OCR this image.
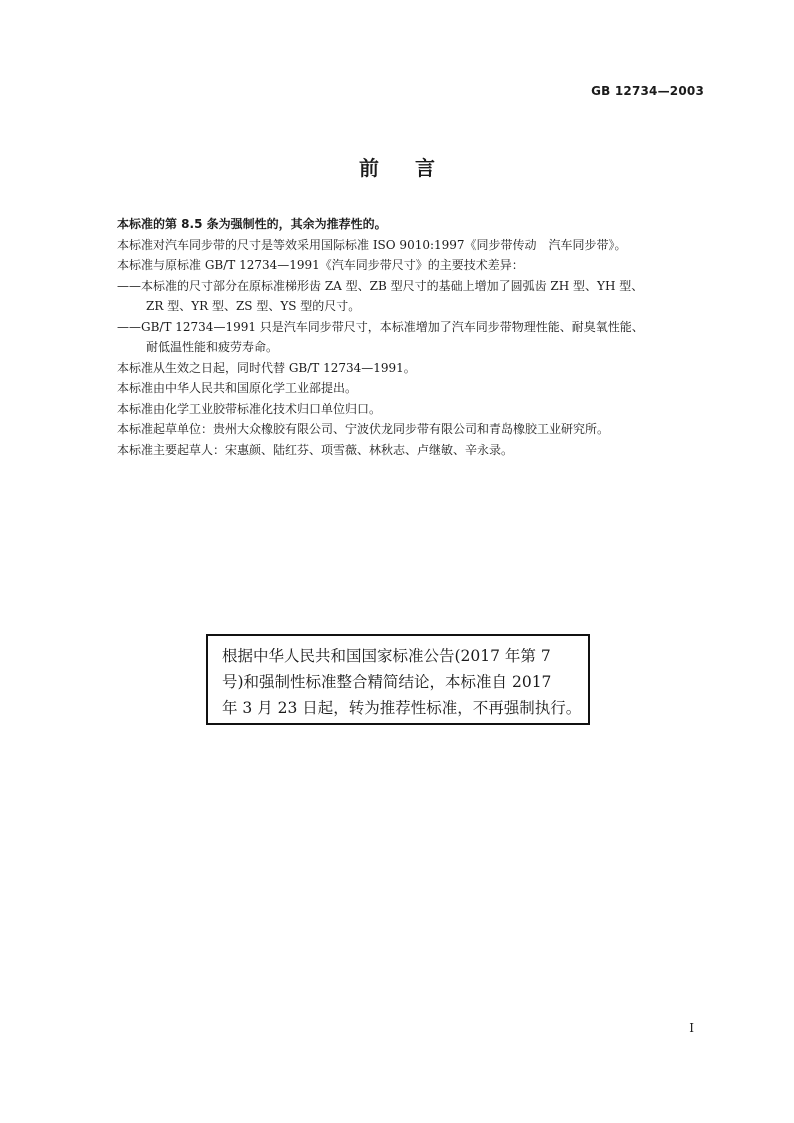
GB 12734—2003
前 言

本标准的第 8.5 条为强制性的，其余为推荐性的。

本标准对汽车同步带的尺寸是等效采用国际标准 ISO 9010:1997《同步带传动　汽车同步带》。

本标准与原标准 GB/T 12734—1991《汽车同步带尺寸》的主要技术差异：

——本标准的尺寸部分在原标准梯形齿 ZA 型、ZB 型尺寸的基础上增加了圆弧齿 ZH 型、YH 型、

ZR 型、YR 型、ZS 型、YS 型的尺寸。

——GB/T 12734—1991 只是汽车同步带尺寸，本标准增加了汽车同步带物理性能、耐臭氧性能、

耐低温性能和疲劳寿命。

本标准从生效之日起，同时代替 GB/T 12734—1991。

本标准由中华人民共和国原化学工业部提出。

本标准由化学工业胶带标准化技术归口单位归口。

本标准起草单位：贵州大众橡胶有限公司、宁波伏龙同步带有限公司和青岛橡胶工业研究所。

本标准主要起草人：宋惠颜、陆红芬、项雪薇、林秋志、卢继敏、辛永录。

根据中华人民共和国国家标准公告(2017 年第 7

号)和强制性标准整合精简结论，本标准自 2017

年 3 月 23 日起，转为推荐性标准，不再强制执行。

I
